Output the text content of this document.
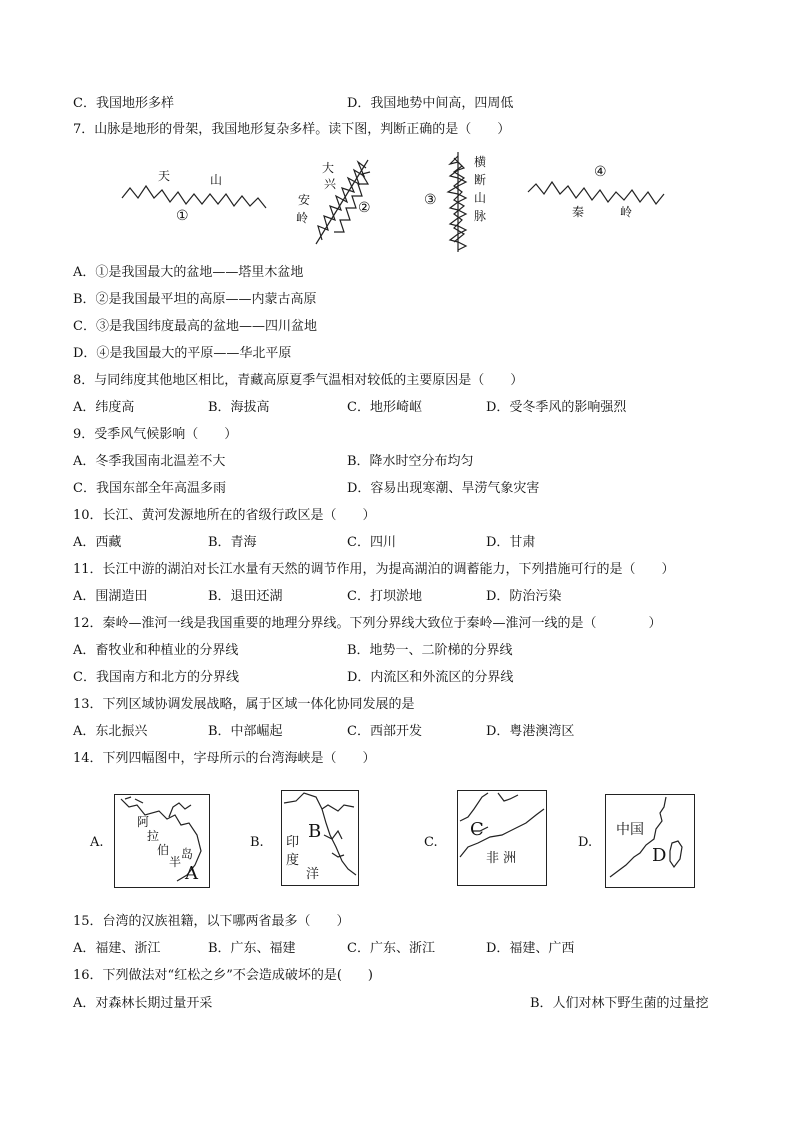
C．我国地形多样	D．我国地势中间高，四周低
7．山脉是地形的骨架，我国地形复杂多样。读下图，判断正确的是（　　）
天	山
①
大
兴
安
岭
②	③
横
断
山
脉
④
秦	岭
A．①是我国最大的盆地——塔里木盆地
B．②是我国最平坦的高原——内蒙古高原
C．③是我国纬度最高的盆地——四川盆地
D．④是我国最大的平原——华北平原
8．与同纬度其他地区相比，青藏高原夏季气温相对较低的主要原因是（　　）
A．纬度高	B．海拔高	C．地形崎岖	D．受冬季风的影响强烈
9．受季风气候影响（　　）
A．冬季我国南北温差不大	B．降水时空分布均匀
C．我国东部全年高温多雨	D．容易出现寒潮、旱涝气象灾害
10．长江、黄河发源地所在的省级行政区是（　　）
A．西藏	B．青海	C．四川	D．甘肃
11．长江中游的湖泊对长江水量有天然的调节作用，为提高湖泊的调蓄能力，下列措施可行的是（　　）
A．围湖造田	B．退田还湖	C．打坝淤地	D．防治污染
12．秦岭—淮河一线是我国重要的地理分界线。下列分界线大致位于秦岭—淮河一线的是（　　　　）
A．畜牧业和种植业的分界线	B．地势一、二阶梯的分界线
C．我国南方和北方的分界线	D．内流区和外流区的分界线
13．下列区域协调发展战略，属于区域一体化协同发展的是
A．东北振兴	B．中部崛起	C．西部开发	D．粤港澳湾区
14．下列四幅图中，字母所示的台湾海峡是（　　）
A.
阿
拉
伯
半
岛
A
B. 印
度
洋
B
C.
非 洲
C
D.
中国
D
15．台湾的汉族祖籍，以下哪两省最多（　　）
A．福建、浙江	B．广东、福建	C．广东、浙江	D．福建、广西
16．下列做法对“红松之乡”不会造成破坏的是(　　)
A．对森林长期过量开采	B．人们对林下野生菌的过量挖
